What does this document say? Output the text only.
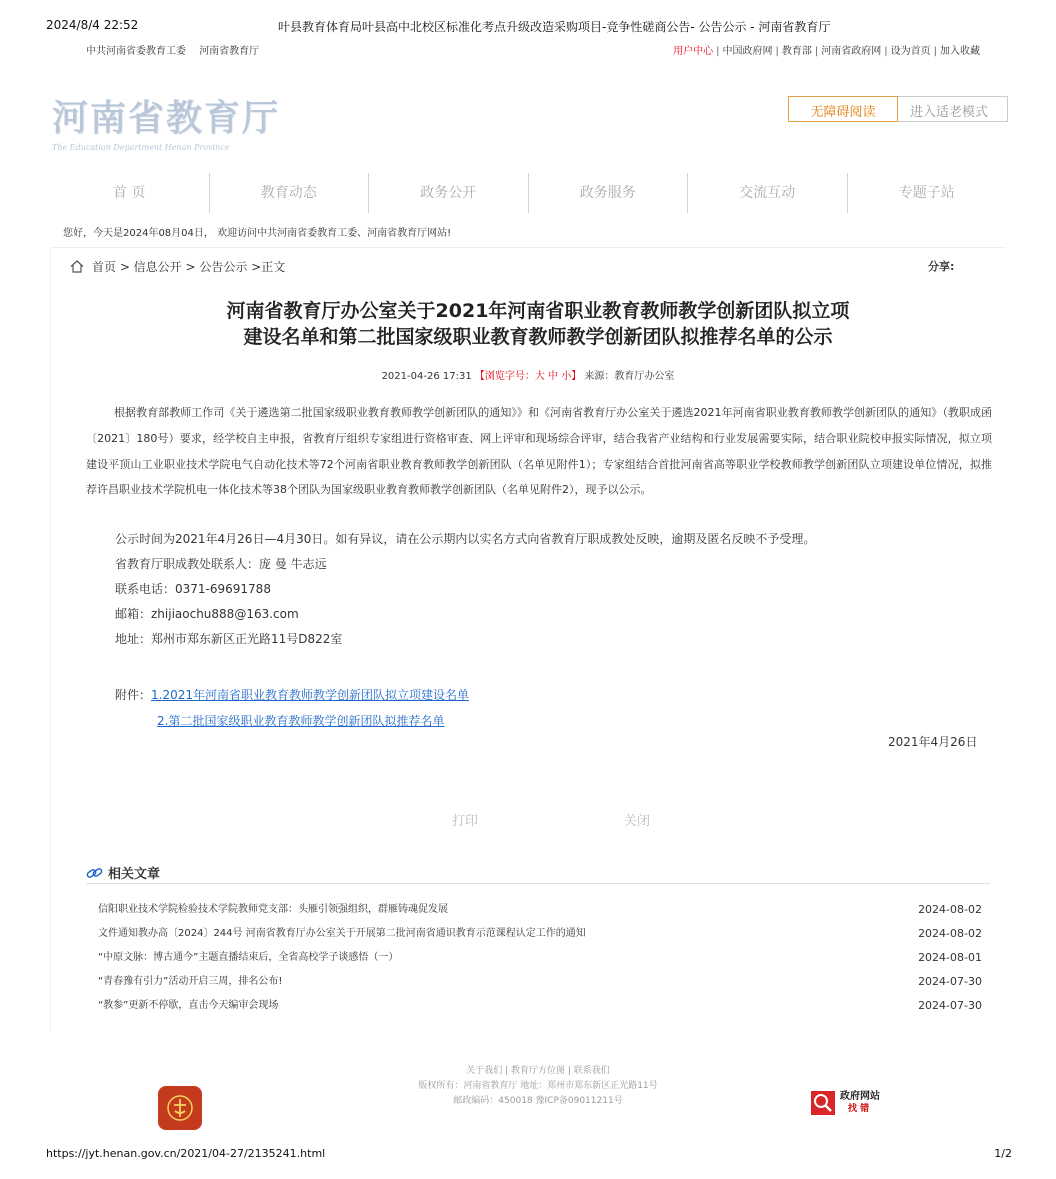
2024/8/4 22:52	叶县教育体育局叶县高中北校区标准化考点升级改造采购项目-竞争性磋商公告- 公告公示 - 河南省教育厅
中共河南省委教育工委 河南省教育厅	用户中心 | 中国政府网 | 教育部 | 河南省政府网 | 设为首页 | 加入收藏
河南省教育厅
The Education Department Henan Province
无障碍阅读	进入适老模式
首 页	教育动态	政务公开	政务服务	交流互动	专题子站
您好，今天是2024年08月04日， 欢迎访问中共河南省委教育工委、河南省教育厅网站!
首页 > 信息公开 > 公告公示 >正文	分享:
河南省教育厅办公室关于2021年河南省职业教育教师教学创新团队拟立项
建设名单和第二批国家级职业教育教师教学创新团队拟推荐名单的公示
2021-04-26 17:31 【浏览字号：大 中 小】 来源：教育厅办公室

根据教育部教师工作司《关于遴选第二批国家级职业教育教师教学创新团队的通知》》和《河南省教育厅办公室关于遴选2021年河南省职业教育教师教学创新团队的通知》（教职成函〔2021〕180号）要求，经学校自主申报，省教育厅组织专家组进行资格审查、网上评审和现场综合评审，结合我省产业结构和行业发展需要实际，结合职业院校申报实际情况，拟立项建设平顶山工业职业技术学院电气自动化技术等72个河南省职业教育教师教学创新团队（名单见附件1）；专家组结合首批河南省高等职业学校教师教学创新团队立项建设单位情况，拟推荐许昌职业技术学院机电一体化技术等38个团队为国家级职业教育教师教学创新团队（名单见附件2），现予以公示。

公示时间为2021年4月26日—4月30日。如有异议，请在公示期内以实名方式向省教育厅职成教处反映，逾期及匿名反映不予受理。
省教育厅职成教处联系人：庞 曼 牛志远
联系电话：0371-69691788
邮箱：zhijiaochu888@163.com
地址：郑州市郑东新区正光路11号D822室
附件：1.2021年河南省职业教育教师教学创新团队拟立项建设名单
2.第二批国家级职业教育教师教学创新团队拟推荐名单
2021年4月26日
打印	关闭
相关文章
信阳职业技术学院检验技术学院教师党支部：头雁引领强组织，群雁铸魂促发展	2024-08-02
文件通知教办高〔2024〕244号 河南省教育厅办公室关于开展第二批河南省通识教育示范课程认定工作的通知	2024-08-02
“中原文脉：博古通今”主题直播结束后，全省高校学子谈感悟（一）	2024-08-01
“青春豫有引力”活动开启三周，排名公布!	2024-07-30
“教参”更新不停歇，直击今天编审会现场	2024-07-30
关于我们 | 教育厅方位图 | 联系我们
版权所有：河南省教育厅 地址：郑州市郑东新区正光路11号
邮政编码：450018 豫ICP备09011211号	政府网站
找 错
https://jyt.henan.gov.cn/2021/04-27/2135241.html	1/2
